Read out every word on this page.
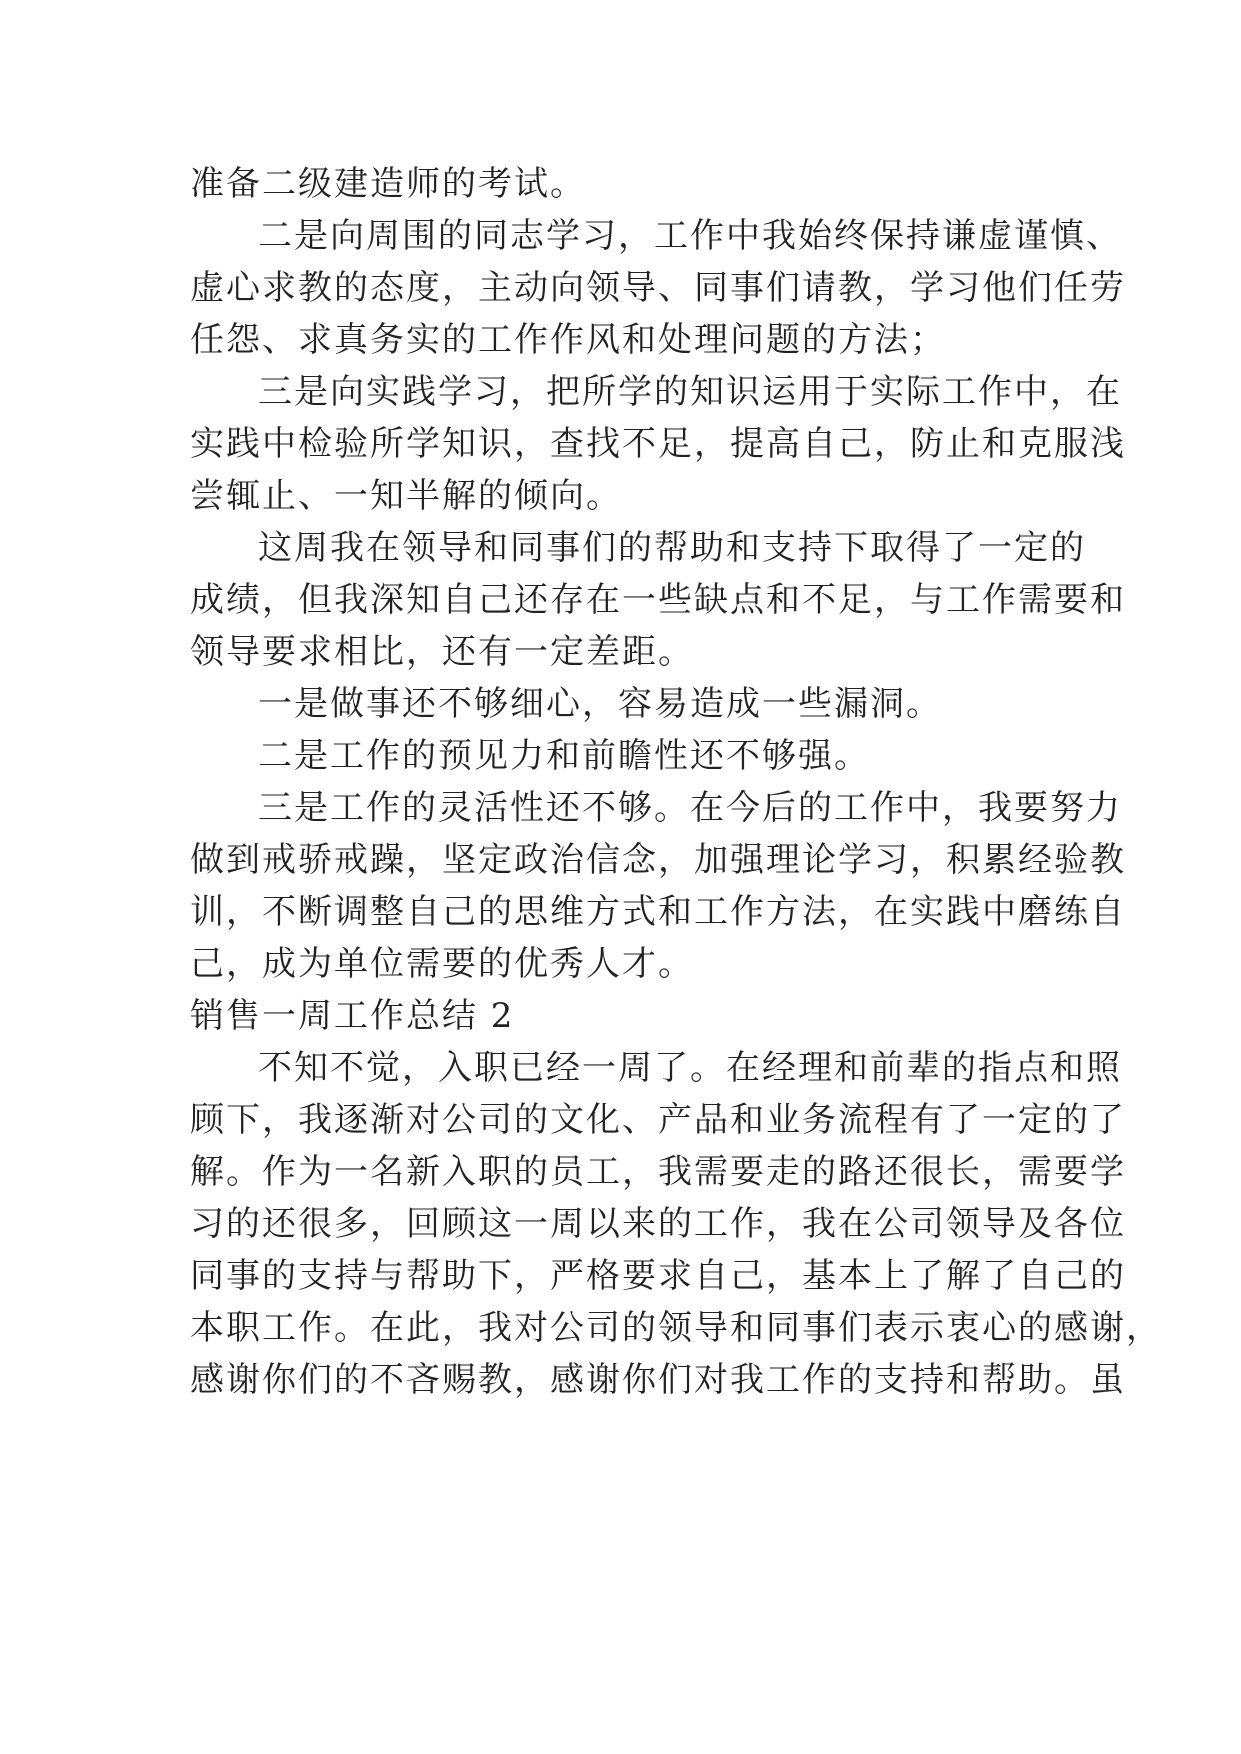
准备二级建造师的考试。
二是向周围的同志学习，工作中我始终保持谦虚谨慎、
虚心求教的态度，主动向领导、同事们请教，学习他们任劳
任怨、求真务实的工作作风和处理问题的方法；
三是向实践学习，把所学的知识运用于实际工作中，在
实践中检验所学知识，查找不足，提高自己，防止和克服浅
尝辄止、一知半解的倾向。
这周我在领导和同事们的帮助和支持下取得了一定的
成绩，但我深知自己还存在一些缺点和不足，与工作需要和
领导要求相比，还有一定差距。
一是做事还不够细心，容易造成一些漏洞。
二是工作的预见力和前瞻性还不够强。
三是工作的灵活性还不够。在今后的工作中，我要努力
做到戒骄戒躁，坚定政治信念，加强理论学习，积累经验教
训，不断调整自己的思维方式和工作方法，在实践中磨练自
己，成为单位需要的优秀人才。
销售一周工作总结 2
不知不觉，入职已经一周了。在经理和前辈的指点和照
顾下，我逐渐对公司的文化、产品和业务流程有了一定的了
解。作为一名新入职的员工，我需要走的路还很长，需要学
习的还很多，回顾这一周以来的工作，我在公司领导及各位
同事的支持与帮助下，严格要求自己，基本上了解了自己的
本职工作。在此，我对公司的领导和同事们表示衷心的感谢，
感谢你们的不吝赐教，感谢你们对我工作的支持和帮助。虽
